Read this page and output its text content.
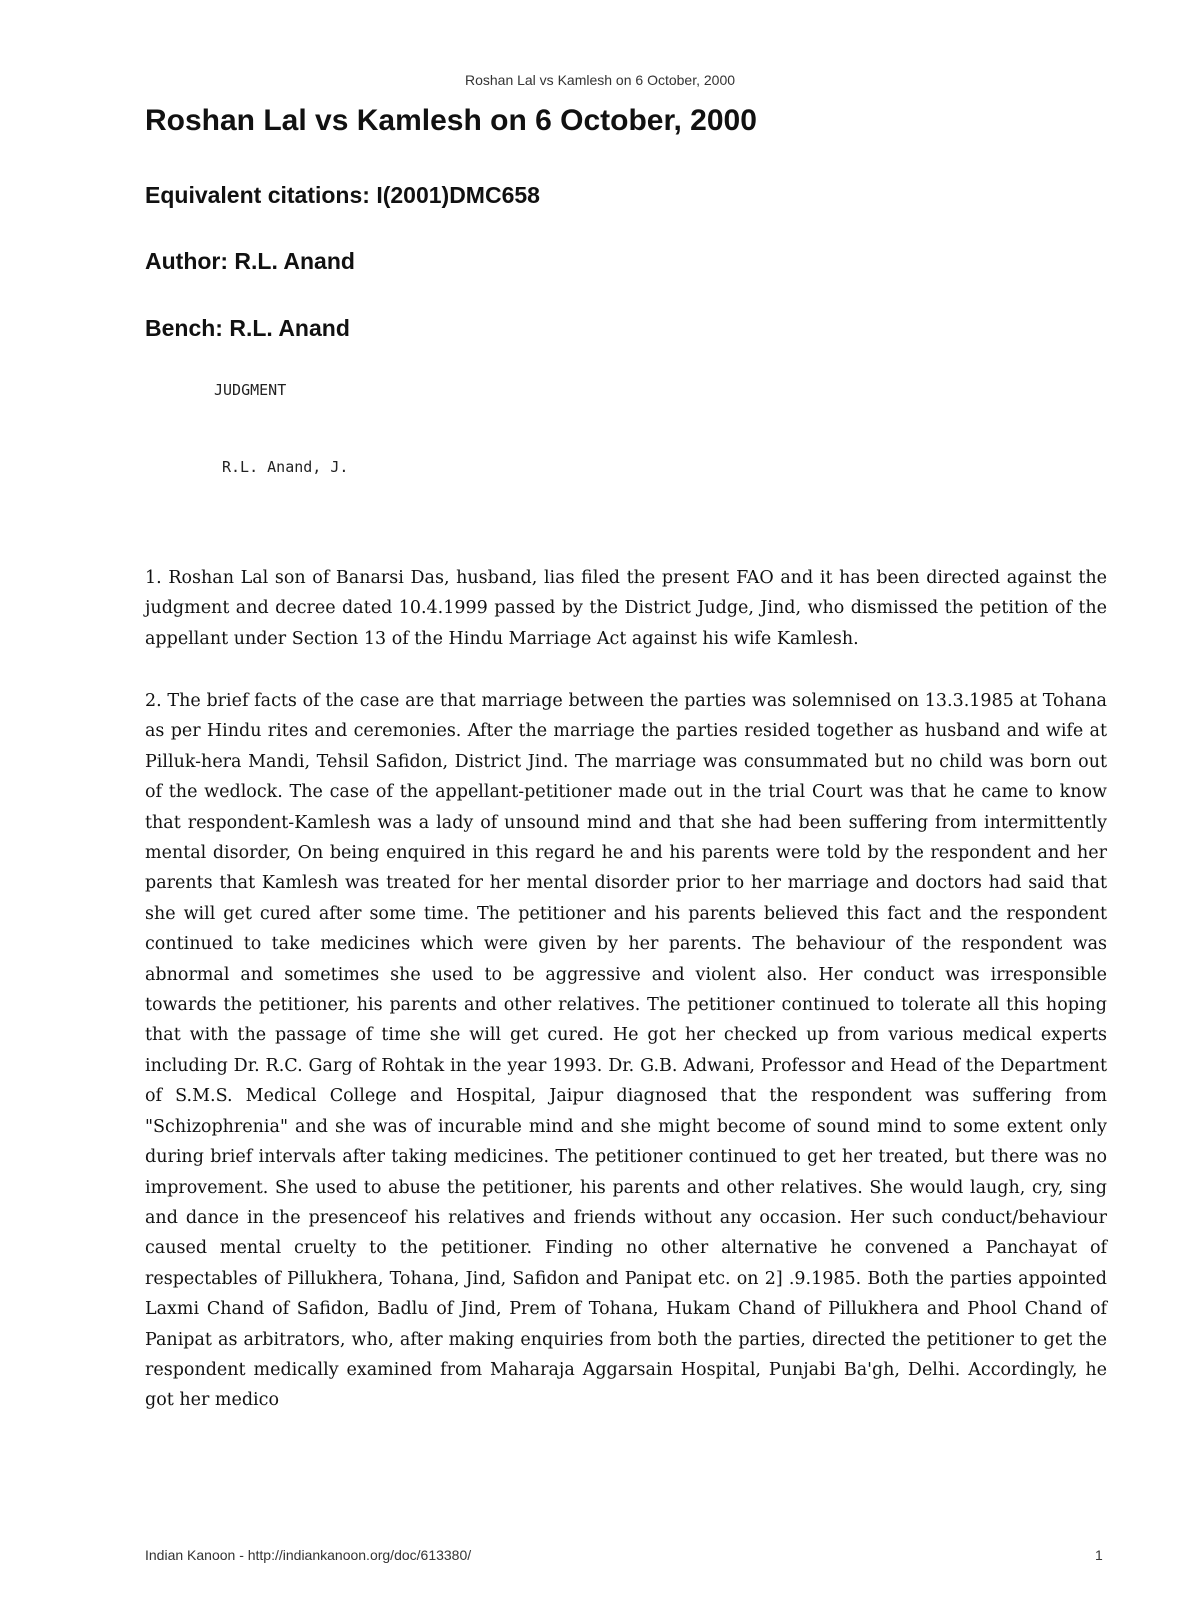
Roshan Lal vs Kamlesh on 6 October, 2000
Roshan Lal vs Kamlesh on 6 October, 2000
Equivalent citations: I(2001)DMC658
Author: R.L. Anand
Bench: R.L. Anand
JUDGMENT
R.L. Anand, J.

1. Roshan Lal son of Banarsi Das, husband, lias filed the present FAO and it has been directed against the judgment and decree dated 10.4.1999 passed by the District Judge, Jind, who dismissed the petition of the appellant under Section 13 of the Hindu Marriage Act against his wife Kamlesh.

2. The brief facts of the case are that marriage between the parties was solemnised on 13.3.1985 at Tohana as per Hindu rites and ceremonies. After the marriage the parties resided together as husband and wife at Pilluk-hera Mandi, Tehsil Safidon, District Jind. The marriage was consummated but no child was born out of the wedlock. The case of the appellant-petitioner made out in the trial Court was that he came to know that respondent-Kamlesh was a lady of unsound mind and that she had been suffering from intermittently mental disorder, On being enquired in this regard he and his parents were told by the respondent and her parents that Kamlesh was treated for her mental disorder prior to her marriage and doctors had said that she will get cured after some time. The petitioner and his parents believed this fact and the respondent continued to take medicines which were given by her parents. The behaviour of the respondent was abnormal and sometimes she used to be aggressive and violent also. Her conduct was irresponsible towards the petitioner, his parents and other relatives. The petitioner continued to tolerate all this hoping that with the passage of time she will get cured. He got her checked up from various medical experts including Dr. R.C. Garg of Rohtak in the year 1993. Dr. G.B. Adwani, Professor and Head of the Department of S.M.S. Medical College and Hospital, Jaipur diagnosed that the respondent was suffering from "Schizophrenia" and she was of incurable mind and she might become of sound mind to some extent only during brief intervals after taking medicines. The petitioner continued to get her treated, but there was no improvement. She used to abuse the petitioner, his parents and other relatives. She would laugh, cry, sing and dance in the presenceof his relatives and friends without any occasion. Her such conduct/behaviour caused mental cruelty to the petitioner. Finding no other alternative he convened a Panchayat of respectables of Pillukhera, Tohana, Jind, Safidon and Panipat etc. on 2] .9.1985. Both the parties appointed Laxmi Chand of Safidon, Badlu of Jind, Prem of Tohana, Hukam Chand of Pillukhera and Phool Chand of Panipat as arbitrators, who, after making enquiries from both the parties, directed the petitioner to get the respondent medically examined from Maharaja Aggarsain Hospital, Punjabi Ba'gh, Delhi. Accordingly, he got her medico

Indian Kanoon - http://indiankanoon.org/doc/613380/	1
